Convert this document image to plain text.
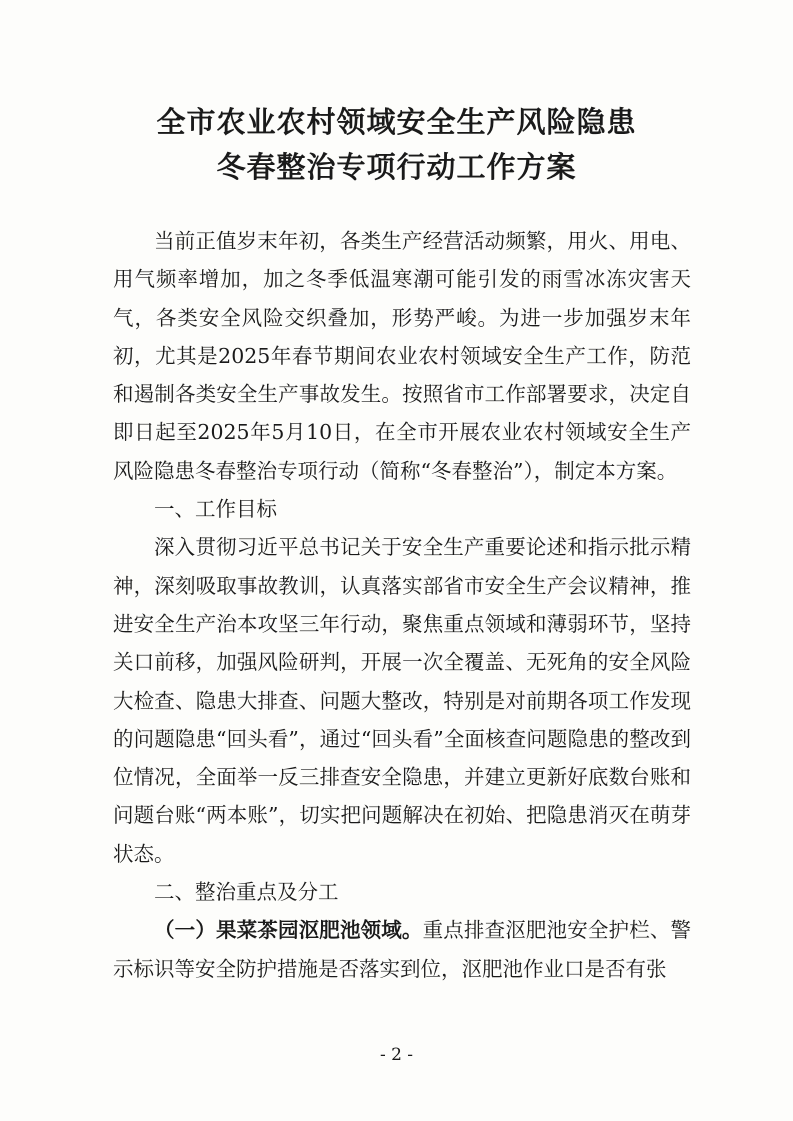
全市农业农村领域安全生产风险隐患
冬春整治专项行动工作方案

当前正值岁末年初，各类生产经营活动频繁，用火、用电、用气频率增加，加之冬季低温寒潮可能引发的雨雪冰冻灾害天气，各类安全风险交织叠加，形势严峻。为进一步加强岁末年初，尤其是2025年春节期间农业农村领域安全生产工作，防范和遏制各类安全生产事故发生。按照省市工作部署要求，决定自即日起至2025年5月10日，在全市开展农业农村领域安全生产风险隐患冬春整治专项行动（简称“冬春整治”），制定本方案。

一、工作目标

深入贯彻习近平总书记关于安全生产重要论述和指示批示精神，深刻吸取事故教训，认真落实部省市安全生产会议精神，推进安全生产治本攻坚三年行动，聚焦重点领域和薄弱环节，坚持关口前移，加强风险研判，开展一次全覆盖、无死角的安全风险大检查、隐患大排查、问题大整改，特别是对前期各项工作发现的问题隐患“回头看”，通过“回头看”全面核查问题隐患的整改到位情况，全面举一反三排查安全隐患，并建立更新好底数台账和问题台账“两本账”，切实把问题解决在初始、把隐患消灭在萌芽状态。

二、整治重点及分工

（一）果菜茶园沤肥池领域。重点排查沤肥池安全护栏、警示标识等安全防护措施是否落实到位，沤肥池作业口是否有张

- 2 -
